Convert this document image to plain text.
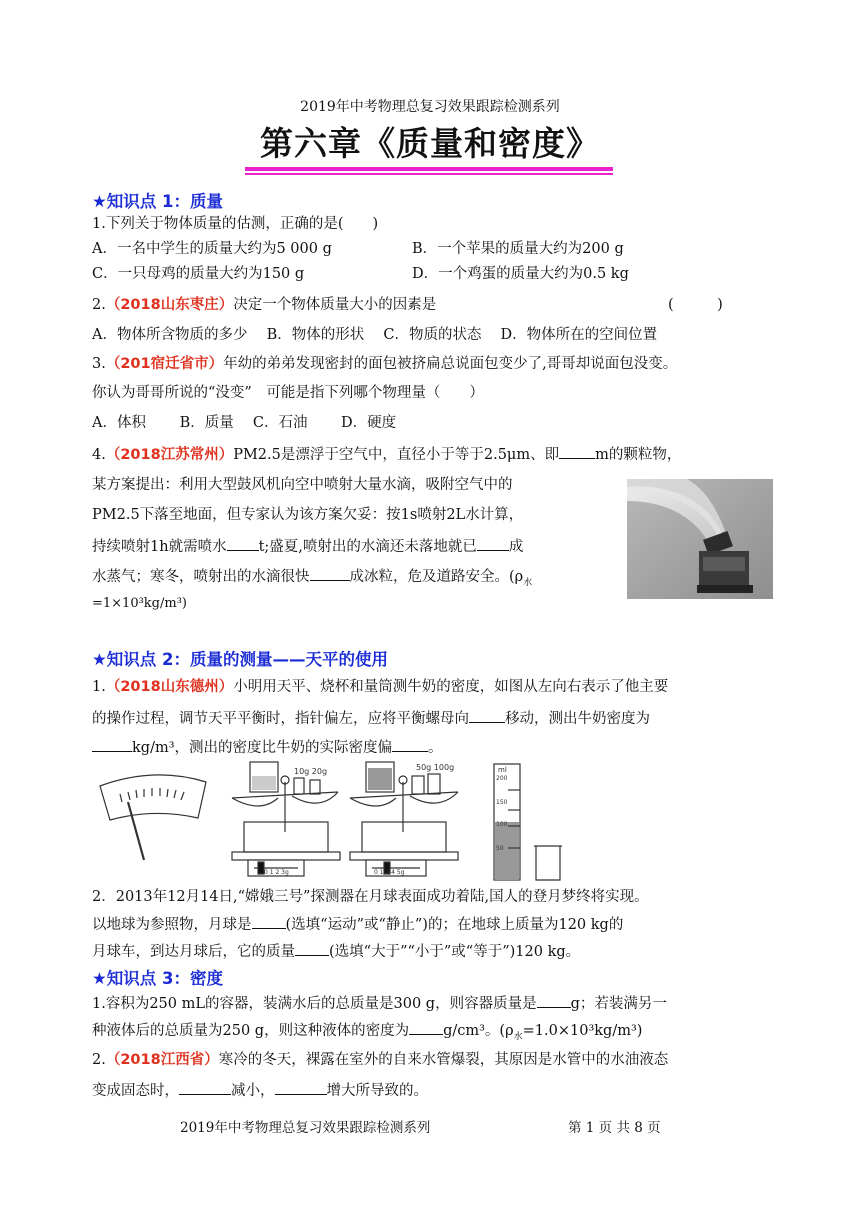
2019年中考物理总复习效果跟踪检测系列
第六章《质量和密度》
★知识点 1：质量
1.下列关于物体质量的估测，正确的是(　　)
A．一名中学生的质量大约为5 000 g	B．一个苹果的质量大约为200 g
C．一只母鸡的质量大约为150 g	D．一个鸡蛋的质量大约为0.5 kg
2.（2018山东枣庄）决定一个物体质量大小的因素是	(　　　)
A．物体所含物质的多少　 B．物体的形状　 C．物质的状态　 D．物体所在的空间位置
3.（201宿迁省市）年幼的弟弟发现密封的面包被挤扁总说面包变少了,哥哥却说面包没变。
你认为哥哥所说的“没变”　可能是指下列哪个物理量（　　）
A．体积　　 B．质量　 C．石油　　 D．硬度
4.（2018江苏常州）PM2.5是漂浮于空气中，直径小于等于2.5μm、即 m的颗粒物，
某方案提出：利用大型鼓风机向空中喷射大量水滴，吸附空气中的
PM2.5下落至地面，但专家认为该方案欠妥：按1s喷射2L水计算，
持续喷射1h就需喷水 t;盛夏,喷射出的水滴还未落地就已 成
水蒸气；寒冬，喷射出的水滴很快	成冰粒，危及道路安全。($\rho_水$
=1×10³kg/m³)
★知识点 2：质量的测量——天平的使用
1.（2018山东德州）小明用天平、烧杯和量筒测牛奶的密度，如图从左向右表示了他主要
的操作过程，调节天平平衡时，指针偏左，应将平衡螺母向 移动，测出牛奶密度为
kg/m³，测出的密度比牛奶的实际密度偏 。
10g 20g
0 1 2 3g
50g 100g
0 1 2 4 5g
ml
200
150
100
50
2．2013年12月14日,“嫦娥三号”探测器在月球表面成功着陆,国人的登月梦终将实现。
以地球为参照物，月球是 (选填“运动”或“静止”)的；在地球上质量为120 kg的
月球车，到达月球后，它的质量 (选填“大于”“小于”或“等于”)120 kg。
★知识点 3：密度
1.容积为250 mL的容器，装满水后的总质量是300 g，则容器质量是 g；若装满另一
种液体后的总质量为250 g，则这种液体的密度为 g/cm³。$(\rho_水=1.0\times 10^3kg/m^3)$
2.（2018江西省）寒冷的冬天，裸露在室外的自来水管爆裂，其原因是水管中的水油液态
变成固态时，	减小，	增大所导致的。
2019年中考物理总复习效果跟踪检测系列	第 1 页 共 8 页
